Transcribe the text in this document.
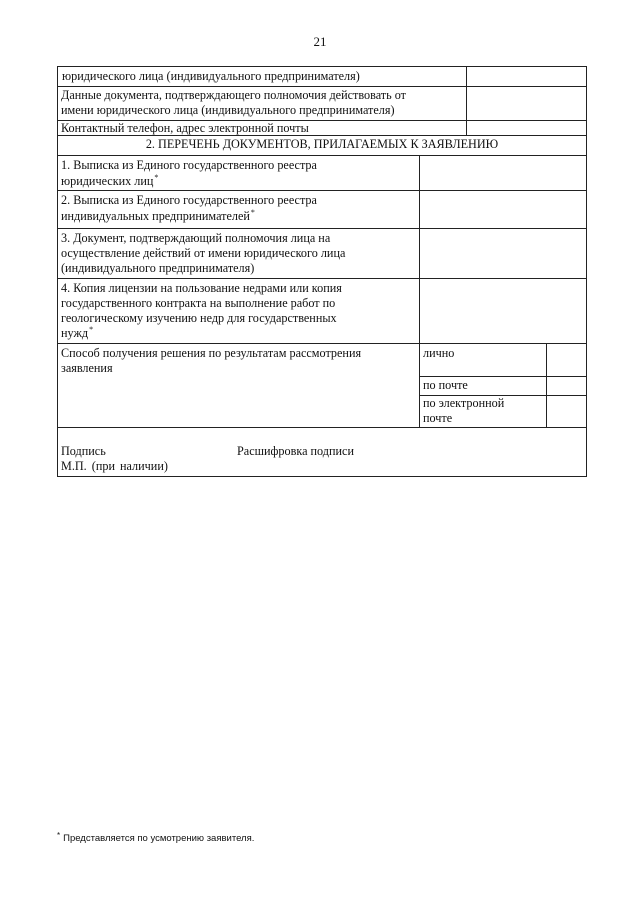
21
юридического лица (индивидуального предпринимателя)
Данные документа, подтверждающего полномочия действовать от
имени юридического лица (индивидуального предпринимателя)
Контактный телефон, адрес электронной почты
2. ПЕРЕЧЕНЬ ДОКУМЕНТОВ, ПРИЛАГАЕМЫХ К ЗАЯВЛЕНИЮ
1. Выписка из Единого государственного реестра
юридических лиц*
2. Выписка из Единого государственного реестра
индивидуальных предпринимателей*
3. Документ, подтверждающий полномочия лица на
осуществление действий от имени юридического лица
(индивидуального предпринимателя)
4. Копия лицензии на пользование недрами или копия
государственного контракта на выполнение работ по
геологическому изучению недр для государственных
нужд*
Способ получения решения по результатам рассмотрения
заявления
лично
по почте
по электронной
почте
Подпись	Расшифровка подписи
М.П. (при наличии)
* Представляется по усмотрению заявителя.
